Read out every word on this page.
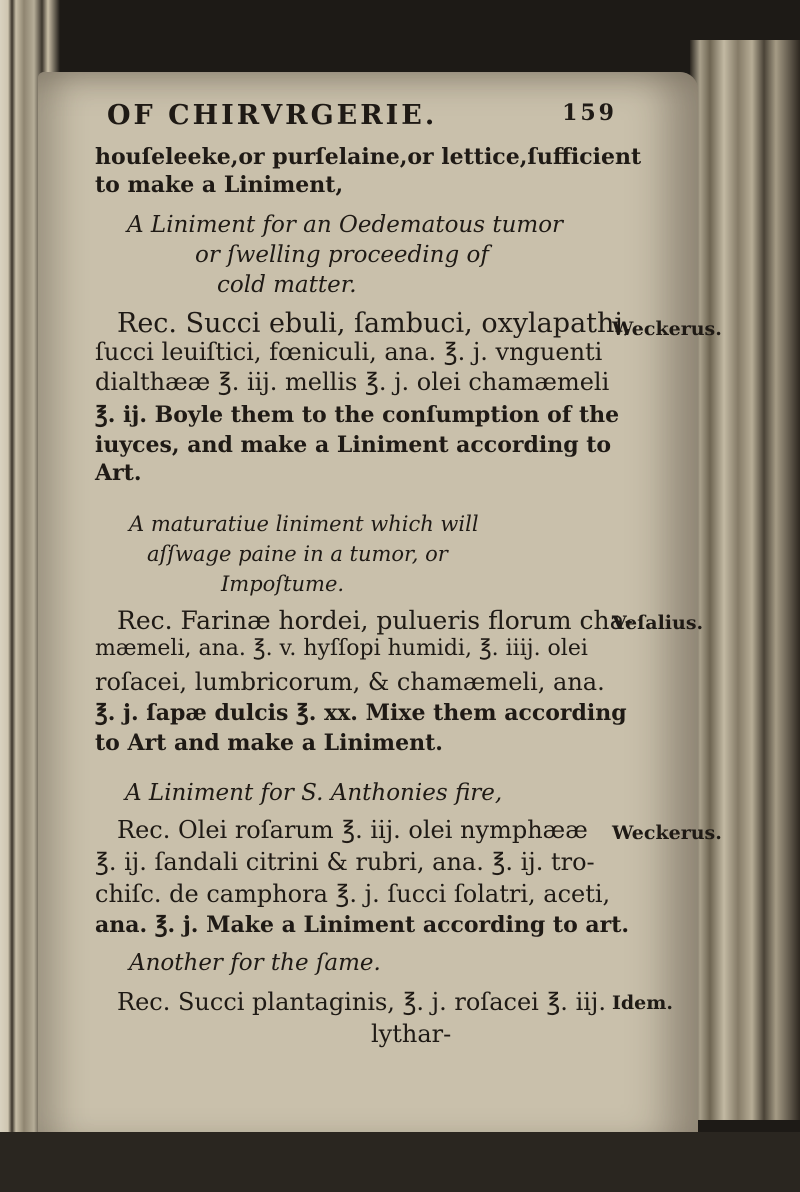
OF CHIRVRGERIE.	159
houſeleeke,or purſelaine,or lettice,ſufficient
to make a Liniment,
A Liniment for an Oedematous tumor
or ſwelling proceeding of
cold matter.
Rec. Succi ebuli, ſambuci, oxylapathi,
ſucci leuiſtici, fœniculi, ana. ℥. j. vnguenti
dialthææ ℥. iij. mellis ℥. j. olei chamæmeli
℥. ij. Boyle them to the conſumption of the
iuyces, and make a Liniment according to
Art.
A maturatiue liniment which will
aſſwage paine in a tumor, or
Impoſtume.
Rec. Farinæ hordei, pulueris florum cha-
mæmeli, ana. ℥. v. hyſſopi humidi, ℥. iiij. olei
roſacei, lumbricorum, & chamæmeli, ana.
℥. j. ſapæ dulcis ℥. xx. Mixe them according
to Art and make a Liniment.
A Liniment for S. Anthonies fire,
Rec. Olei roſarum ℥. iij. olei nymphææ
℥. ij. ſandali citrini & rubri, ana. ℥. ij. tro-
chiſc. de camphora ℥. j. ſucci ſolatri, aceti,
ana. ℥. j. Make a Liniment according to art.
Another for the ſame.
Rec. Succi plantaginis, ℥. j. roſacei ℥. iij.
lythar-
Weckerus.
Veſalius.
Weckerus.
Idem.
